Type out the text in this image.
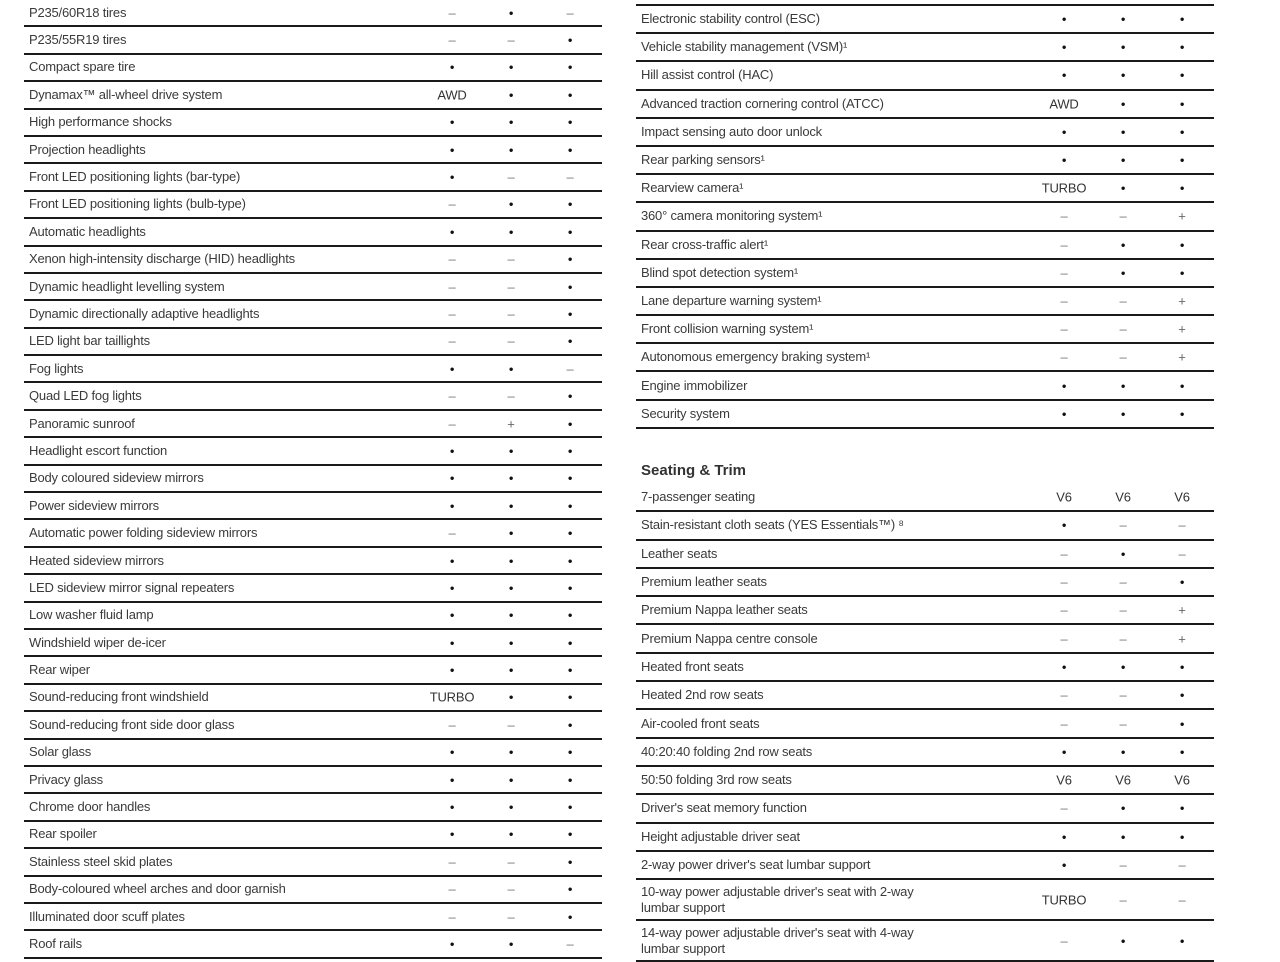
P235/60R18 tires	–	•	–
P235/55R19 tires	–	–	•
Compact spare tire	•	•	•
Dynamax™ all-wheel drive system	AWD	•	•
High performance shocks	•	•	•
Projection headlights	•	•	•
Front LED positioning lights (bar-type)	•	–	–
Front LED positioning lights (bulb-type)	–	•	•
Automatic headlights	•	•	•
Xenon high-intensity discharge (HID) headlights	–	–	•
Dynamic headlight levelling system	–	–	•
Dynamic directionally adaptive headlights	–	–	•
LED light bar taillights	–	–	•
Fog lights	•	•	–
Quad LED fog lights	–	–	•
Panoramic sunroof	–	+	•
Headlight escort function	•	•	•
Body coloured sideview mirrors	•	•	•
Power sideview mirrors	•	•	•
Automatic power folding sideview mirrors	–	•	•
Heated sideview mirrors	•	•	•
LED sideview mirror signal repeaters	•	•	•
Low washer fluid lamp	•	•	•
Windshield wiper de-icer	•	•	•
Rear wiper	•	•	•
Sound-reducing front windshield	TURBO	•	•
Sound-reducing front side door glass	–	–	•
Solar glass	•	•	•
Privacy glass	•	•	•
Chrome door handles	•	•	•
Rear spoiler	•	•	•
Stainless steel skid plates	–	–	•
Body-coloured wheel arches and door garnish	–	–	•
Illuminated door scuff plates	–	–	•
Roof rails	•	•	–
Electronic stability control (ESC)	•	•	•
Vehicle stability management (VSM)¹	•	•	•
Hill assist control (HAC)	•	•	•
Advanced traction cornering control (ATCC)	AWD	•	•
Impact sensing auto door unlock	•	•	•
Rear parking sensors¹	•	•	•
Rearview camera¹	TURBO	•	•
360° camera monitoring system¹	–	–	+
Rear cross-traffic alert¹	–	•	•
Blind spot detection system¹	–	•	•
Lane departure warning system¹	–	–	+
Front collision warning system¹	–	–	+
Autonomous emergency braking system¹	–	–	+
Engine immobilizer	•	•	•
Security system	•	•	•
Seating & Trim
7-passenger seating	V6	V6	V6
Stain-resistant cloth seats (YES Essentials™) ⁸	•	–	–
Leather seats	–	•	–
Premium leather seats	–	–	•
Premium Nappa leather seats	–	–	+
Premium Nappa centre console	–	–	+
Heated front seats	•	•	•
Heated 2nd row seats	–	–	•
Air-cooled front seats	–	–	•
40:20:40 folding 2nd row seats	•	•	•
50:50 folding 3rd row seats	V6	V6	V6
Driver's seat memory function	–	•	•
Height adjustable driver seat	•	•	•
2-way power driver's seat lumbar support	•	–	–
10-way power adjustable driver's seat with 2-way lumbar support	TURBO	–	–
14-way power adjustable driver's seat with 4-way lumbar support	–	•	•
